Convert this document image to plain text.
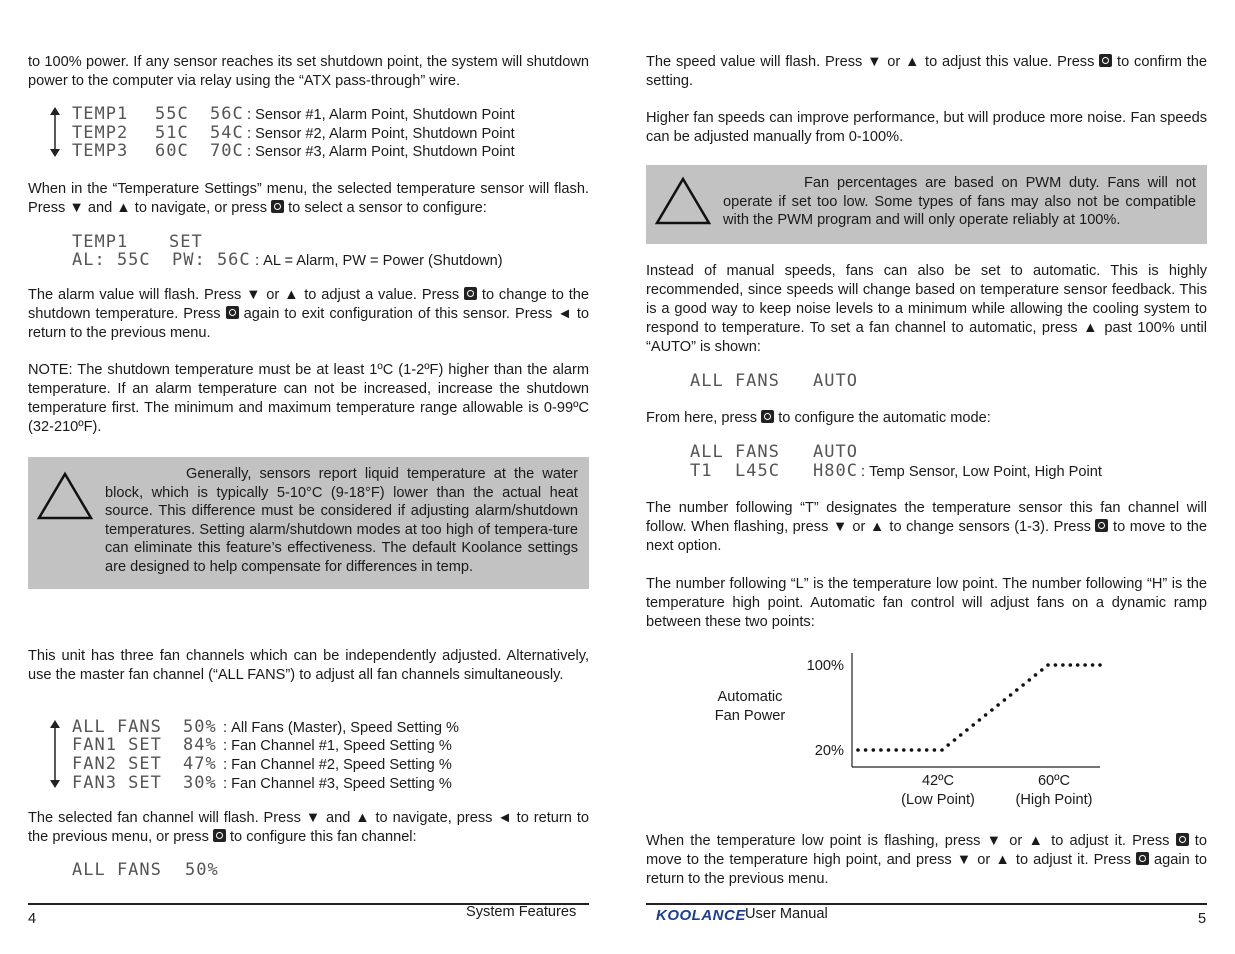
to 100% power. If any sensor reaches its set shutdown point, the system will shutdown power to the computer via relay using the “ATX pass-through” wire.

TEMP1 55C 56C : Sensor #1, Alarm Point, Shutdown Point
TEMP2 51C 54C : Sensor #2, Alarm Point, Shutdown Point
TEMP3 60C 70C : Sensor #3, Alarm Point, Shutdown Point

When in the “Temperature Settings” menu, the selected temperature sensor will flash. Press ▼ and ▲ to navigate, or press  to select a sensor to configure:

TEMP1 SET
AL: 55C PW: 56C : AL = Alarm, PW = Power (Shutdown)

The alarm value will flash. Press ▼ or ▲ to adjust a value. Press  to change to the shutdown temperature. Press  again to exit configuration of this sensor. Press ◄ to return to the previous menu.

NOTE: The shutdown temperature must be at least 1ºC (1-2ºF) higher than the alarm temperature. If an alarm temperature can not be increased, increase the shutdown temperature first. The minimum and maximum temperature range allowable is 0-99ºC (32-210ºF).

Generally, sensors report liquid temperature at the water block, which is typically 5-10°C (9-18°F) lower than the actual heat source. This difference must be considered if adjusting alarm/shutdown temperatures. Setting alarm/shutdown modes at too high of tempera-ture can eliminate this feature’s effectiveness. The default Koolance settings are designed to help compensate for differences in temp.

This unit has three fan channels which can be independently adjusted. Alternatively, use the master fan channel (“ALL FANS”) to adjust all fan channels simultaneously.

ALL FANS 50% : All Fans (Master), Speed Setting %
FAN1 SET 84% : Fan Channel #1, Speed Setting %
FAN2 SET 47% : Fan Channel #2, Speed Setting %
FAN3 SET 30% : Fan Channel #3, Speed Setting %

The selected fan channel will flash. Press ▼ and ▲ to navigate, press ◄ to return to the previous menu, or press  to configure this fan channel:

ALL FANS 50%
4	System Features

The speed value will flash. Press ▼ or ▲ to adjust this value. Press  to confirm the setting.

Higher fan speeds can improve performance, but will produce more noise. Fan speeds can be adjusted manually from 0-100%.

Fan percentages are based on PWM duty. Fans will not operate if set too low. Some types of fans may also not be compatible with the PWM program and will only operate reliably at 100%.

Instead of manual speeds, fans can also be set to automatic. This is highly recommended, since speeds will change based on temperature sensor feedback. This is a good way to keep noise levels to a minimum while allowing the cooling system to respond to temperature. To set a fan channel to automatic, press ▲ past 100% until “AUTO” is shown:

ALL FANS AUTO

From here, press  to configure the automatic mode:

ALL FANS AUTO
T1 L45C H80C : Temp Sensor, Low Point, High Point

The number following “T” designates the temperature sensor this fan channel will follow. When flashing, press ▼ or ▲ to change sensors (1-3). Press  to move to the next option.

The number following “L” is the temperature low point. The number following “H” is the temperature high point. Automatic fan control will adjust fans on a dynamic ramp between these two points:

Automatic
Fan Power
100%
20%
42ºC
(Low Point)
60ºC
(High Point)

When the temperature low point is flashing, press ▼ or ▲ to adjust it. Press  to move to the temperature high point, and press ▼ or ▲ to adjust it. Press  again to return to the previous menu.

KOOLANCE User Manual	5
